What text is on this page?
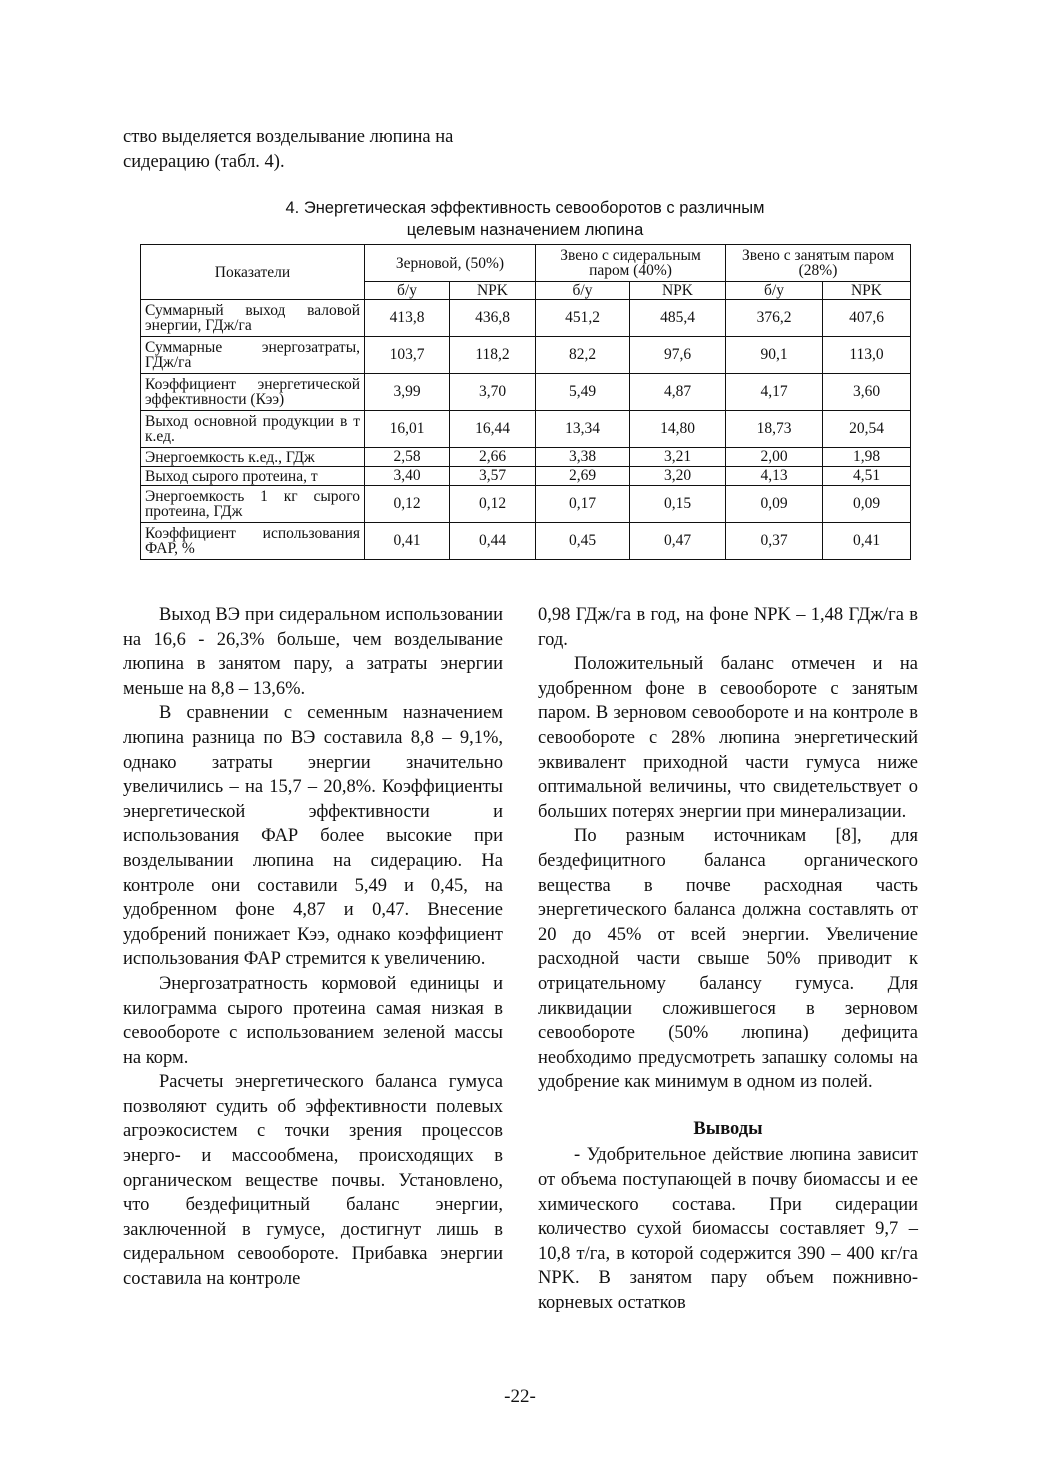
ство выделяется возделывание люпина на сидерацию (табл. 4).

4. Энергетическая эффективность севооборотов с различным

целевым назначением люпина

Показатели	Зерновой, (50%)		Звено с сидеральным паром (40%)		Звено с занятым паром (28%)	
	б/у	NPK	б/у	NPK	б/у	NPK
Суммарный выход валовой энергии, ГДж/га	413,8	436,8	451,2	485,4	376,2	407,6
Суммарные энергозатраты, ГДж/га	103,7	118,2	82,2	97,6	90,1	113,0
Коэффициент энергетической эффективности (Кээ)	3,99	3,70	5,49	4,87	4,17	3,60
Выход основной продукции в т к.ед.	16,01	16,44	13,34	14,80	18,73	20,54
Энергоемкость к.ед., ГДж	2,58	2,66	3,38	3,21	2,00	1,98
Выход сырого протеина, т	3,40	3,57	2,69	3,20	4,13	4,51
Энергоемкость 1 кг сырого протеина, ГДж	0,12	0,12	0,17	0,15	0,09	0,09
Коэффициент использования ФАР, %	0,41	0,44	0,45	0,47	0,37	0,41

Выход ВЭ при сидеральном использовании на 16,6 - 26,3% больше, чем возделывание люпина в занятом пару, а затраты энергии меньше на 8,8 – 13,6%.

В сравнении с семенным назначением люпина разница по ВЭ составила 8,8 – 9,1%, однако затраты энергии значительно увеличились – на 15,7 – 20,8%. Коэффициенты энергетической эффективности и использования ФАР более высокие при возделывании люпина на сидерацию. На контроле они составили 5,49 и 0,45, на удобренном фоне 4,87 и 0,47. Внесение удобрений понижает Кээ, однако коэффициент использования ФАР стремится к увеличению.

Энергозатратность кормовой единицы и килограмма сырого протеина самая низкая в севообороте с использованием зеленой массы на корм.

Расчеты энергетического баланса гумуса позволяют судить об эффективности полевых агроэкосистем с точки зрения процессов энерго- и массообмена, происходящих в органическом веществе почвы. Установлено, что бездефицитный баланс энергии, заключенной в гумусе, достигнут лишь в сидеральном севообороте. Прибавка энергии составила на контроле

0,98 ГДж/га в год, на фоне NPK – 1,48 ГДж/га в год.

Положительный баланс отмечен и на удобренном фоне в севообороте с занятым паром. В зерновом севообороте и на контроле в севообороте с 28% люпина энергетический эквивалент приходной части гумуса ниже оптимальной величины, что свидетельствует о больших потерях энергии при минерализации.

По разным источникам [8], для бездефицитного баланса органического вещества в почве расходная часть энергетического баланса должна составлять от 20 до 45% от всей энергии. Увеличение расходной части свыше 50% приводит к отрицательному балансу гумуса. Для ликвидации сложившегося в зерновом севообороте (50% люпина) дефицита необходимо предусмотреть запашку соломы на удобрение как минимум в одном из полей.

Выводы

- Удобрительное действие люпина зависит от объема поступающей в почву биомассы и ее химического состава. При сидерации количество сухой биомассы составляет 9,7 – 10,8 т/га, в которой содержится 390 – 400 кг/га NPK. В занятом пару объем пожнивно-корневых остатков

-22-
